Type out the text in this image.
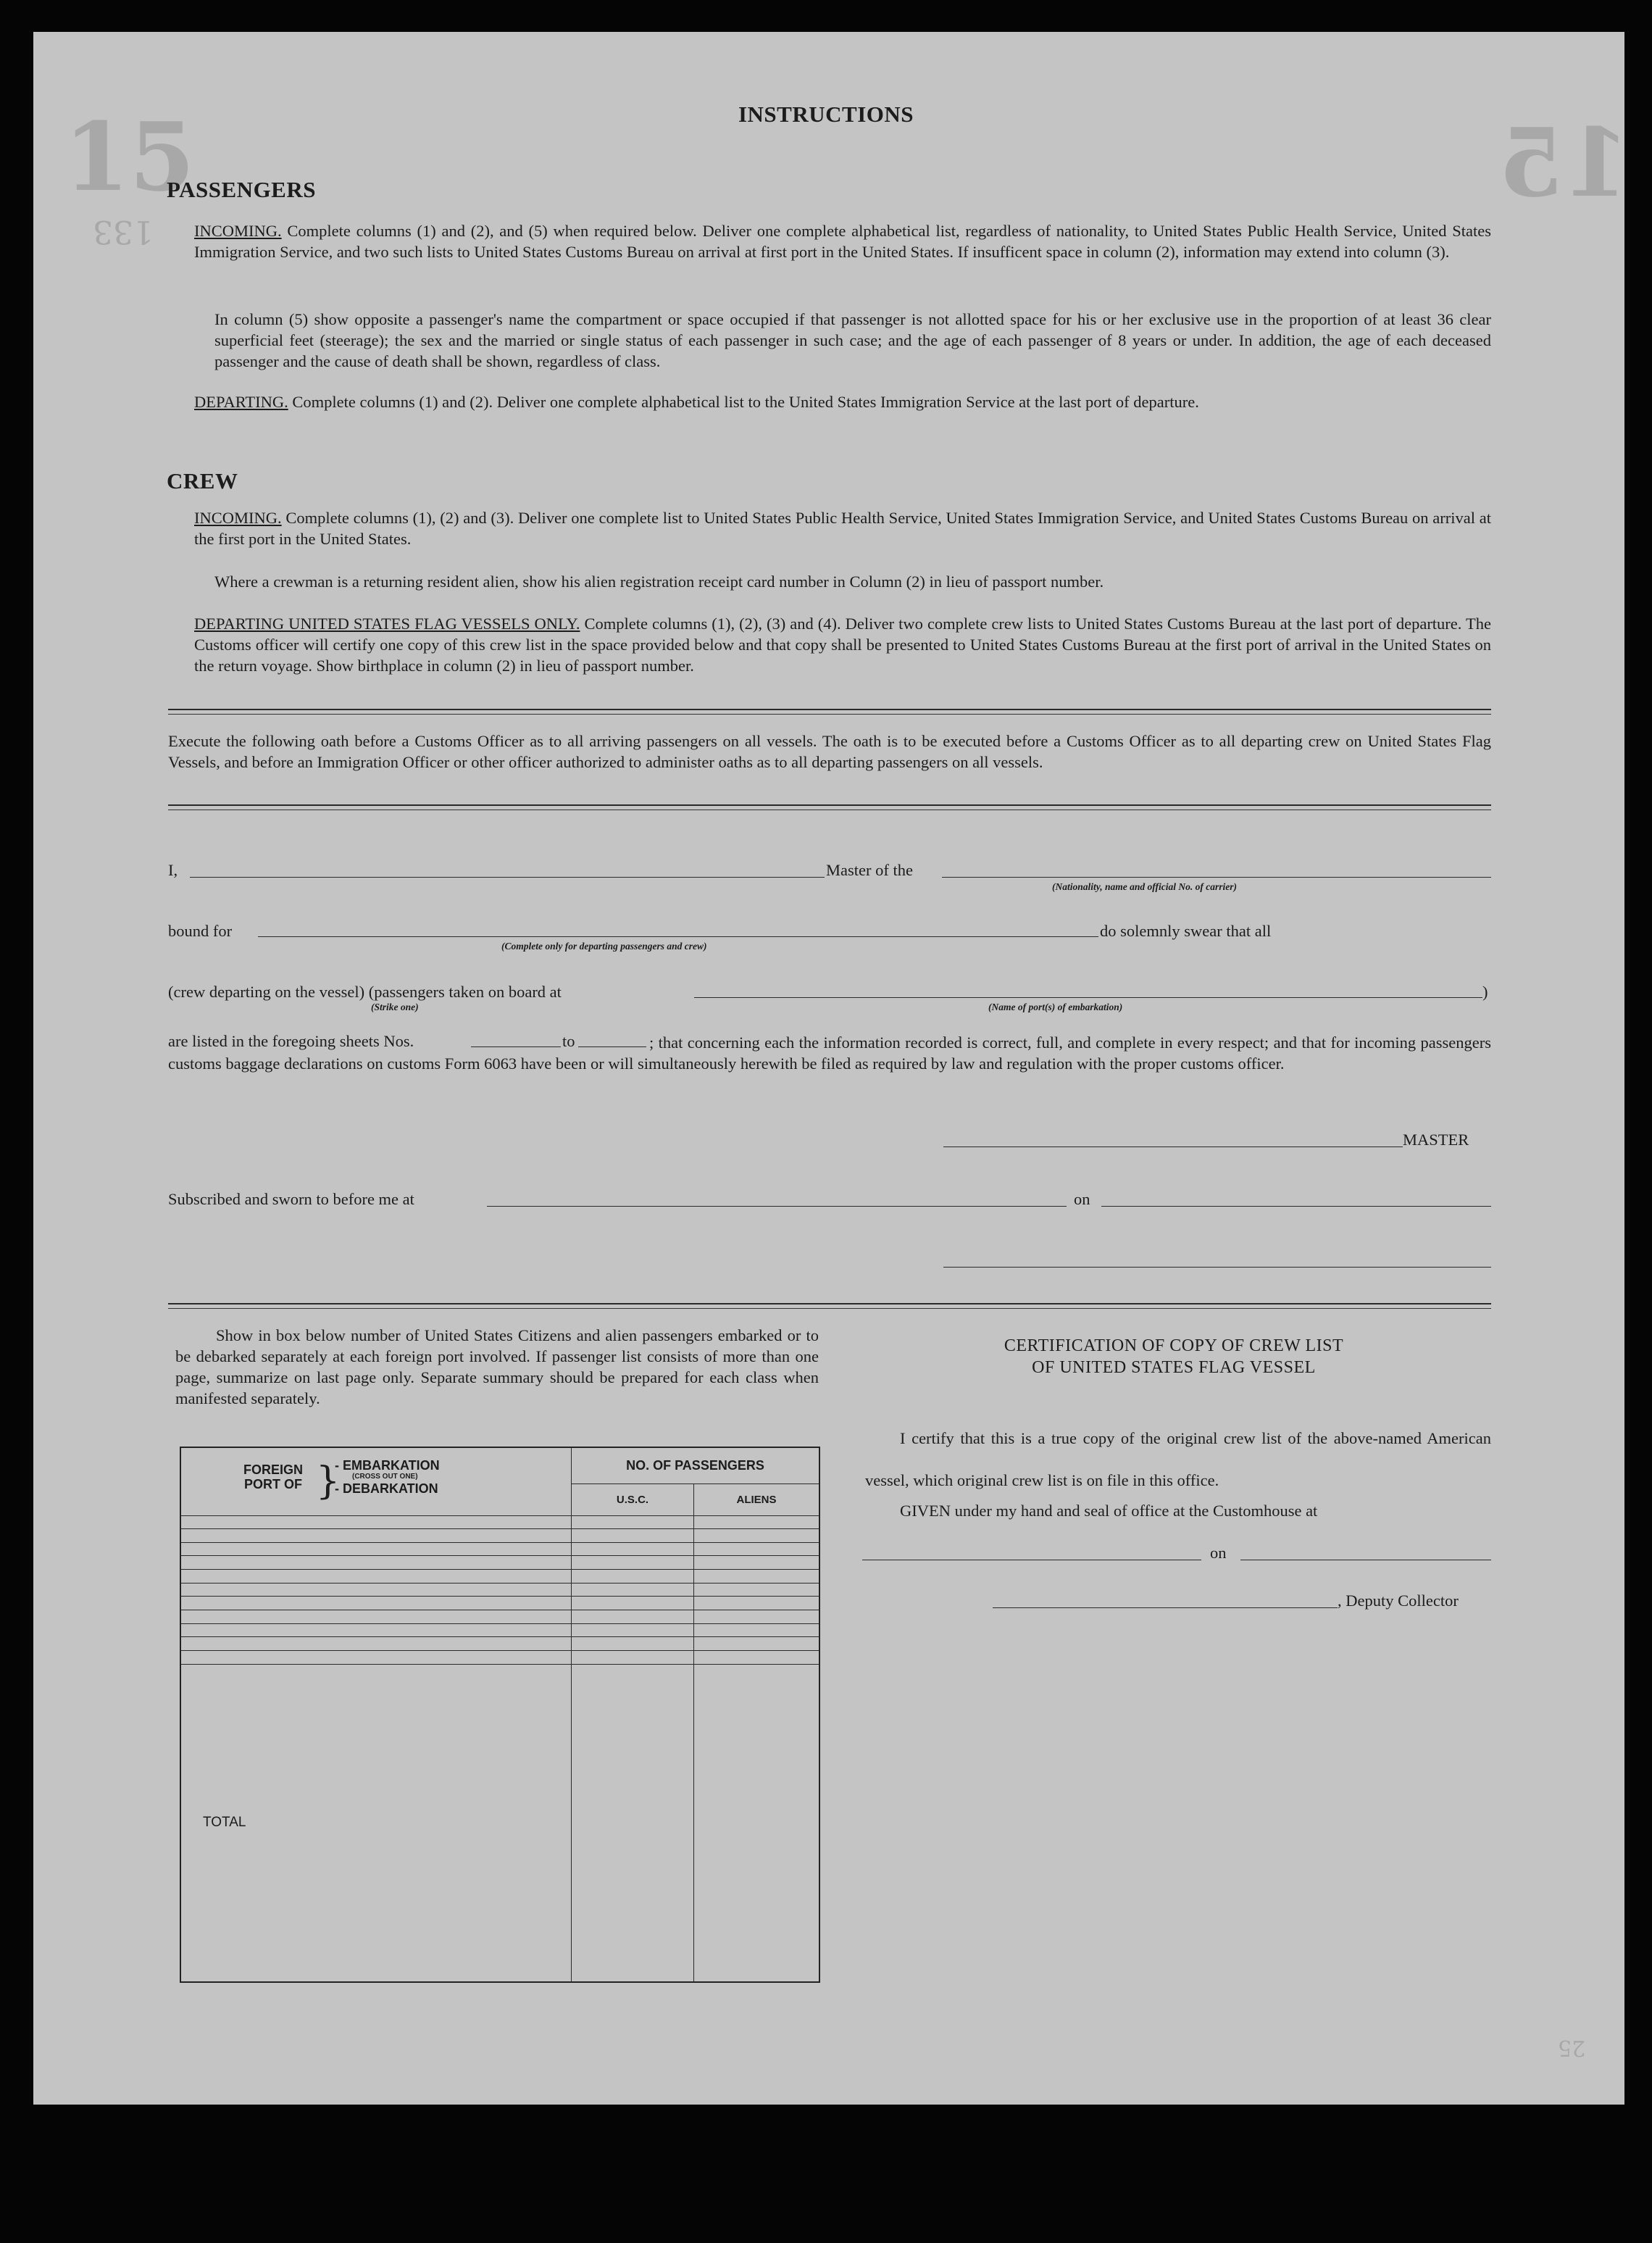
15	15
133
25
INSTRUCTIONS
PASSENGERS
INCOMING. Complete columns (1) and (2), and (5) when required below. Deliver one complete alphabetical list, regardless of nationality, to United States Public Health Service, United States Immigration Service, and two such lists to United States Customs Bureau on arrival at first port in the United States. If insufficent space in column (2), information may extend into column (3).
In column (5) show opposite a passenger's name the compartment or space occupied if that passenger is not allotted space for his or her exclusive use in the proportion of at least 36 clear superficial feet (steerage); the sex and the married or single status of each passenger in such case; and the age of each passenger of 8 years or under. In addition, the age of each deceased passenger and the cause of death shall be shown, regardless of class.
DEPARTING. Complete columns (1) and (2). Deliver one complete alphabetical list to the United States Immigration Service at the last port of departure.
CREW
INCOMING. Complete columns (1), (2) and (3). Deliver one complete list to United States Public Health Service, United States Immigration Service, and United States Customs Bureau on arrival at the first port in the United States.
Where a crewman is a returning resident alien, show his alien registration receipt card number in Column (2) in lieu of passport number.
DEPARTING UNITED STATES FLAG VESSELS ONLY. Complete columns (1), (2), (3) and (4). Deliver two complete crew lists to United States Customs Bureau at the last port of departure. The Customs officer will certify one copy of this crew list in the space provided below and that copy shall be presented to United States Customs Bureau at the first port of arrival in the United States on the return voyage. Show birthplace in column (2) in lieu of passport number.
Execute the following oath before a Customs Officer as to all arriving passengers on all vessels. The oath is to be executed before a Customs Officer as to all departing crew on United States Flag Vessels, and before an Immigration Officer or other officer authorized to administer oaths as to all departing passengers on all vessels.
I,	Master of the
(Nationality, name and official No. of carrier)
bound for	do solemnly swear that all
(Complete only for departing passengers and crew)
(crew departing on the vessel) (passengers taken on board at	)
(Strike one)	(Name of port(s) of embarkation)
are listed in the foregoing sheets Nos.	to	; that concerning each the information recorded is correct, full, and complete in every respect; and that for incoming passengers customs baggage declarations on customs Form 6063 have been or will simultaneously herewith be filed as required by law and regulation with the proper customs officer.
MASTER
Subscribed and sworn to before me at	on
Show in box below number of United States Citizens and alien passengers embarked or to be debarked separately at each foreign port involved. If passenger list consists of more than one page, summarize on last page only. Separate summary should be prepared for each class when manifested separately.
FOREIGN PORT OF }
- EMBARKATION
(CROSS OUT ONE)
- DEBARKATION	NO. OF PASSENGERS	
	U.S.C.	ALIENS

TOTAL		
CERTIFICATION OF COPY OF CREW LIST
OF UNITED STATES FLAG VESSEL
I certify that this is a true copy of the original crew list of the above-named American vessel, which original crew list is on file in this office.
GIVEN under my hand and seal of office at the Customhouse at
on
, Deputy Collector
